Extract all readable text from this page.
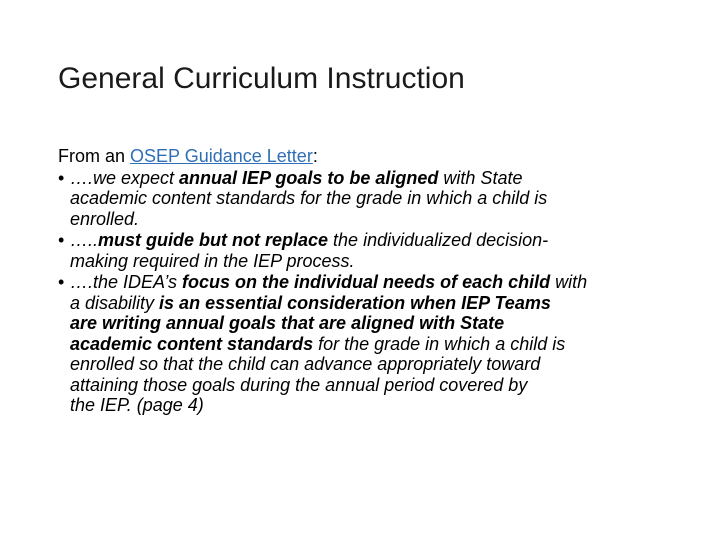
General Curriculum Instruction

From an OSEP Guidance Letter:

• ….we expect annual IEP goals to be aligned with State
academic content standards for the grade in which a child is
enrolled.
• …..must guide but not replace the individualized decision-
making required in the IEP process.
• ….the IDEA’s focus on the individual needs of each child with
a disability is an essential consideration when IEP Teams
are writing annual goals that are aligned with State
academic content standards for the grade in which a child is
enrolled so that the child can advance appropriately toward
attaining those goals during the annual period covered by
the IEP. (page 4)
